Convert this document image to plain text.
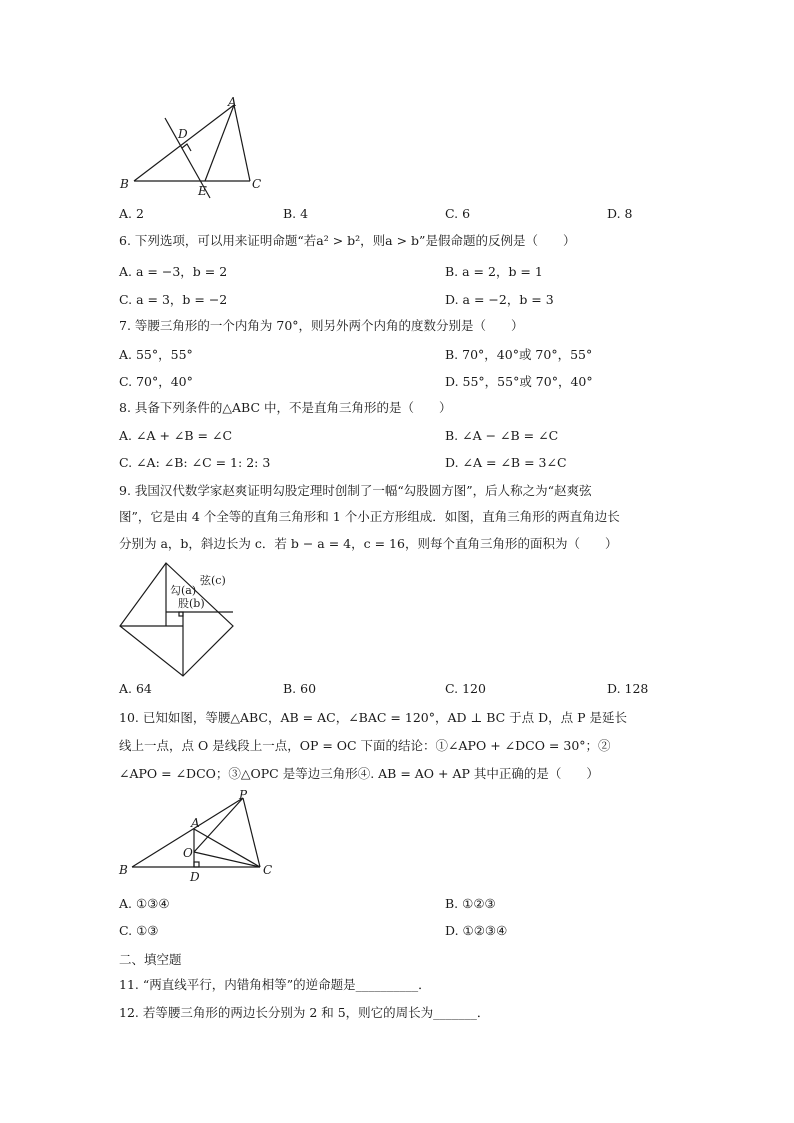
A
D
B	E	C
A. 2	B. 4	C. 6	D. 8
6. 下列选项，可以用来证明命题“若a² > b²，则a > b”是假命题的反例是（　　）
A. a = −3，b = 2	B. a = 2，b = 1
C. a = 3，b = −2	D. a = −2，b = 3
7. 等腰三角形的一个内角为 70°，则另外两个内角的度数分别是（　　）
A. 55°，55°	B. 70°，40°或 70°，55°
C. 70°，40°	D. 55°，55°或 70°，40°
8. 具备下列条件的△ABC 中，不是直角三角形的是（　　）
A. ∠A + ∠B = ∠C	B. ∠A − ∠B = ∠C
C. ∠A: ∠B: ∠C = 1: 2: 3	D. ∠A = ∠B = 3∠C
9. 我国汉代数学家赵爽证明勾股定理时创制了一幅“勾股圆方图”，后人称之为“赵爽弦
图”，它是由 4 个全等的直角三角形和 1 个小正方形组成．如图，直角三角形的两直角边长
分别为 a，b，斜边长为 c．若 b − a = 4，c = 16，则每个直角三角形的面积为（　　）
弦(c)
勾(a)
股(b)
A. 64	B. 60	C. 120	D. 128
10. 已知如图，等腰△ABC，AB = AC，∠BAC = 120°，AD ⊥ BC 于点 D，点 P 是延长
线上一点，点 O 是线段上一点，OP = OC 下面的结论：①∠APO + ∠DCO = 30°；②
∠APO = ∠DCO；③△OPC 是等边三角形④. AB = AO + AP 其中正确的是（　　）
P
A
O
B	C
D
A. ①③④	B. ①②③
C. ①③	D. ①②③④
二、填空题
11. “两直线平行，内错角相等”的逆命题是__________．
12. 若等腰三角形的两边长分别为 2 和 5，则它的周长为_______．
